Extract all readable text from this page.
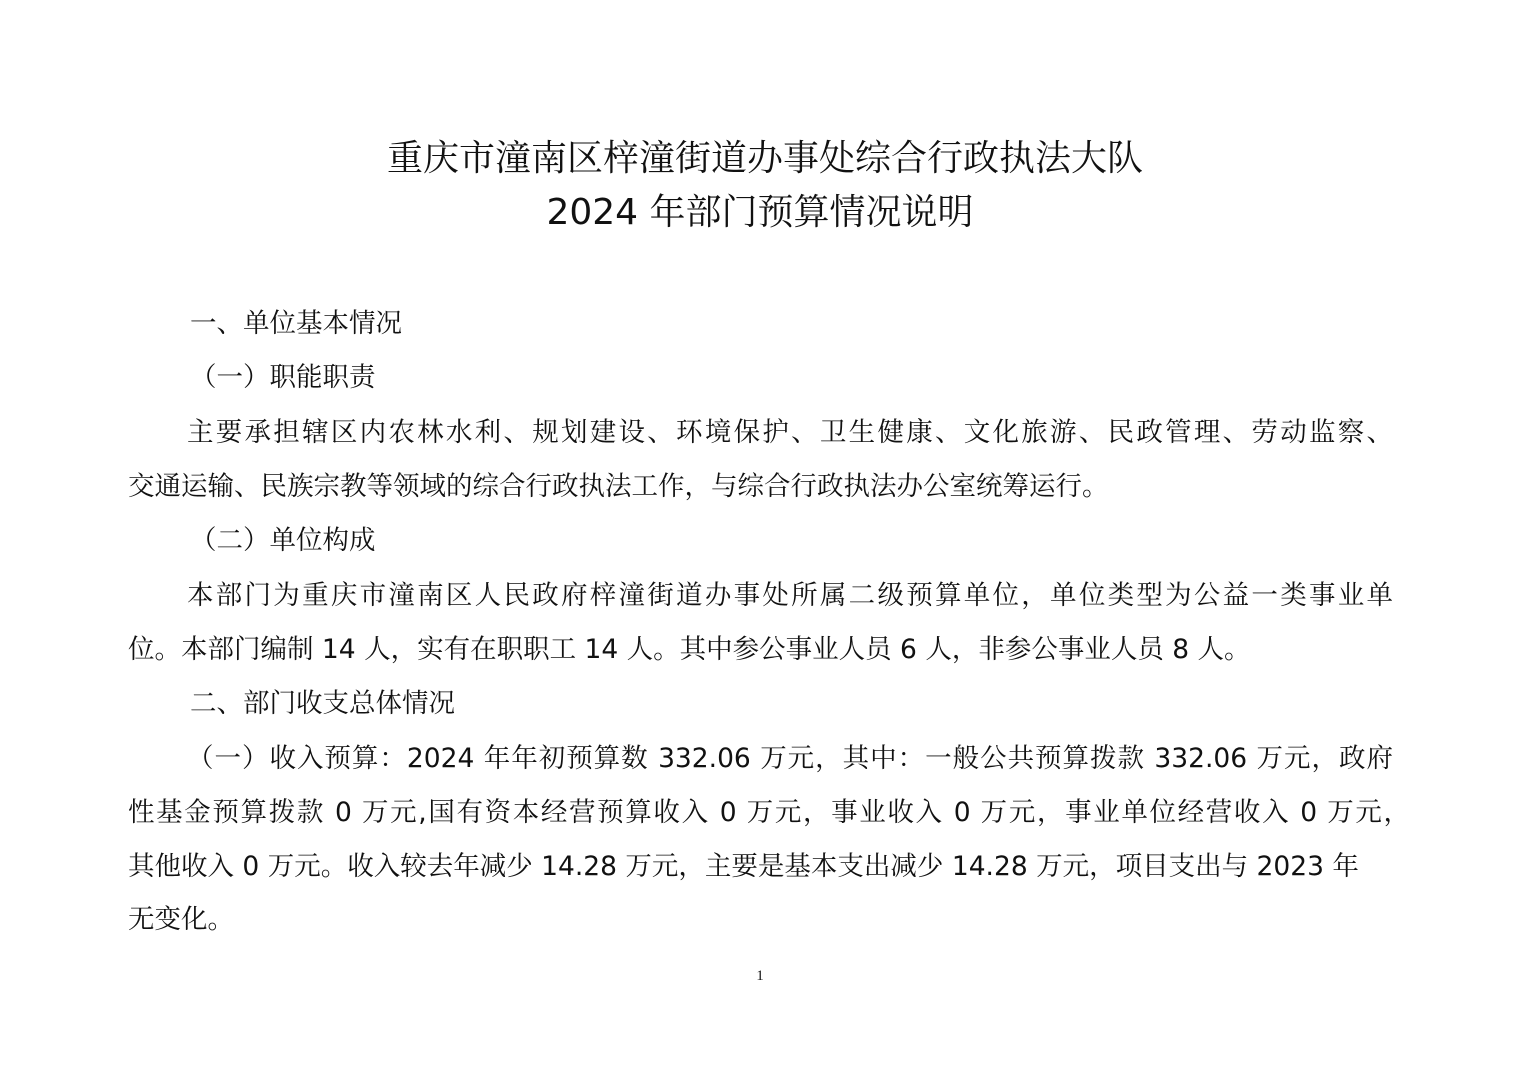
重庆市潼南区梓潼街道办事处综合行政执法大队
2024 年部门预算情况说明
一、单位基本情况
（一）职能职责
主要承担辖区内农林水利、规划建设、环境保护、卫生健康、文化旅游、民政管理、劳动监察、
交通运输、民族宗教等领域的综合行政执法工作，与综合行政执法办公室统筹运行。
（二）单位构成
本部门为重庆市潼南区人民政府梓潼街道办事处所属二级预算单位，单位类型为公益一类事业单
位。本部门编制 14 人，实有在职职工 14 人。其中参公事业人员 6 人，非参公事业人员 8 人。
二、部门收支总体情况
（一）收入预算：2024 年年初预算数 332.06 万元，其中：一般公共预算拨款 332.06 万元，政府
性基金预算拨款 0 万元,国有资本经营预算收入 0 万元，事业收入 0 万元，事业单位经营收入 0 万元，
其他收入 0 万元。收入较去年减少 14.28 万元，主要是基本支出减少 14.28 万元，项目支出与 2023 年
无变化。
1
